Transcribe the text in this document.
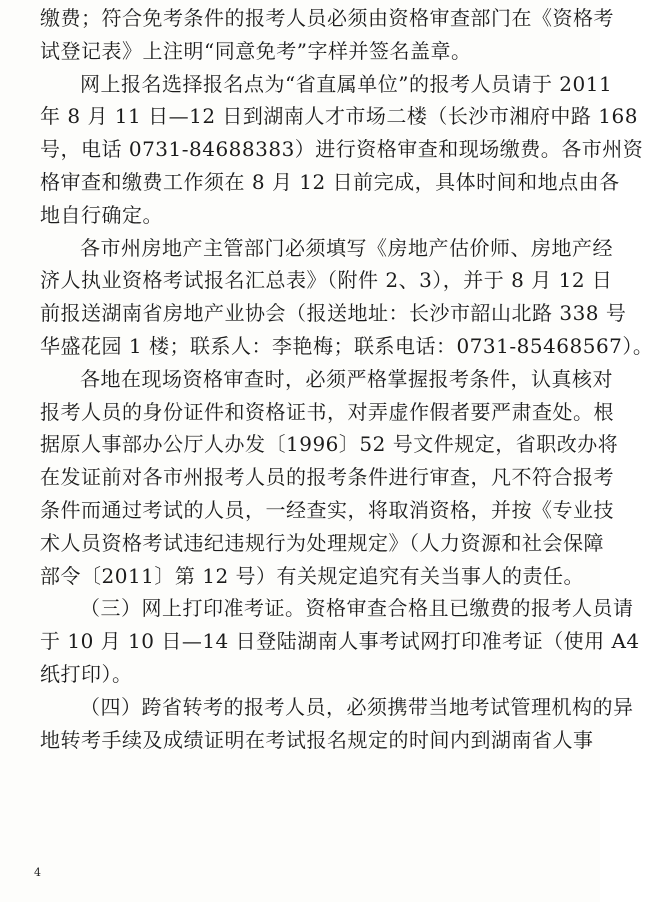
缴费；符合免考条件的报考人员必须由资格审查部门在《资格考
试登记表》上注明“同意免考”字样并签名盖章。
网上报名选择报名点为“省直属单位”的报考人员请于 2011
年 8 月 11 日—12 日到湖南人才市场二楼（长沙市湘府中路 168
号，电话 0731-84688383）进行资格审查和现场缴费。各市州资
格审查和缴费工作须在 8 月 12 日前完成，具体时间和地点由各
地自行确定。
各市州房地产主管部门必须填写《房地产估价师、房地产经
济人执业资格考试报名汇总表》（附件 2、3），并于 8 月 12 日
前报送湖南省房地产业协会（报送地址：长沙市韶山北路 338 号
华盛花园 1 楼；联系人：李艳梅；联系电话：0731-85468567）。
各地在现场资格审查时，必须严格掌握报考条件，认真核对
报考人员的身份证件和资格证书，对弄虚作假者要严肃查处。根
据原人事部办公厅人办发〔1996〕52 号文件规定，省职改办将
在发证前对各市州报考人员的报考条件进行审查，凡不符合报考
条件而通过考试的人员，一经查实，将取消资格，并按《专业技
术人员资格考试违纪违规行为处理规定》（人力资源和社会保障
部令〔2011〕第 12 号）有关规定追究有关当事人的责任。
（三）网上打印准考证。资格审查合格且已缴费的报考人员请
于 10 月 10 日—14 日登陆湖南人事考试网打印准考证（使用 A4
纸打印）。
（四）跨省转考的报考人员，必须携带当地考试管理机构的异
地转考手续及成绩证明在考试报名规定的时间内到湖南省人事
4
